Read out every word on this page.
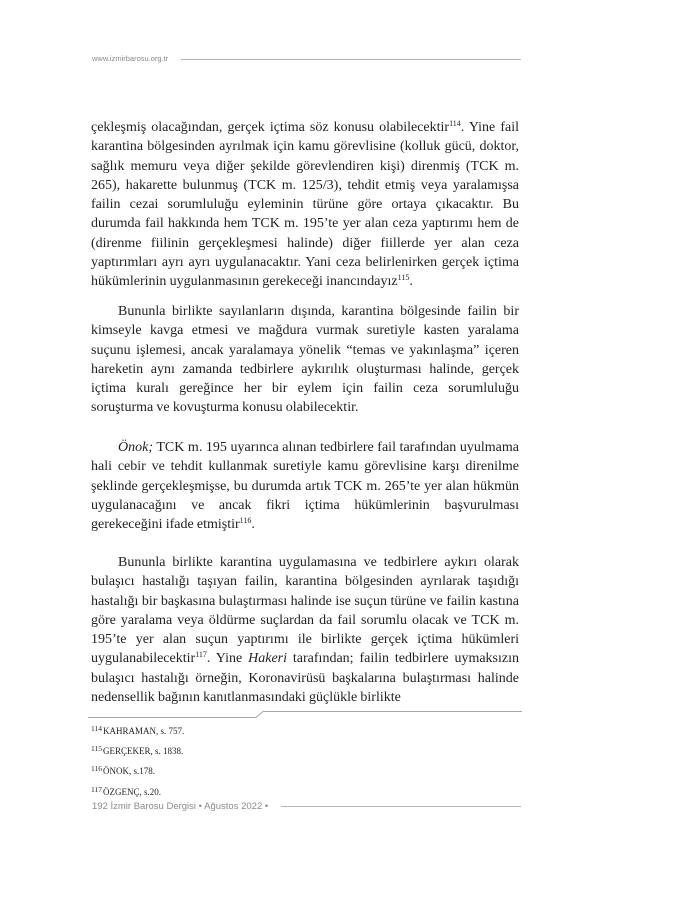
www.izmirbarosu.org.tr

çekleşmiş olacağından, gerçek içtima söz konusu olabilecektir$^{114}$. Yine fail karantina bölgesinden ayrılmak için kamu görevlisine (kolluk gücü, doktor, sağlık memuru veya diğer şekilde görevlendiren kişi) direnmiş (TCK m. 265), hakarette bulunmuş (TCK m. 125/3), tehdit etmiş veya yaralamışsa failin cezai sorumluluğu eyleminin türüne göre ortaya çıkacaktır. Bu durumda fail hakkında hem TCK m. 195’te yer alan ceza yaptırımı hem de (direnme fiilinin gerçekleşmesi halinde) diğer fiillerde yer alan ceza yaptırımları ayrı ayrı uygulanacaktır. Yani ceza belirlenirken gerçek içtima hükümlerinin uygulanmasının gerekeceği inancındayız$^{115}$.

Bununla birlikte sayılanların dışında, karantina bölgesinde failin bir kimseyle kavga etmesi ve mağdura vurmak suretiyle kasten yaralama suçunu işlemesi, ancak yaralamaya yönelik “temas ve yakınlaşma” içeren hareketin aynı zamanda tedbirlere aykırılık oluşturması halinde, gerçek içtima kuralı gereğince her bir eylem için failin ceza sorumluluğu soruşturma ve kovuşturma konusu olabilecektir.

Önok; TCK m. 195 uyarınca alınan tedbirlere fail tarafından uyulmama hali cebir ve tehdit kullanmak suretiyle kamu görevlisine karşı direnilme şeklinde gerçekleşmişse, bu durumda artık TCK m. 265’te yer alan hükmün uygulanacağını ve ancak fikri içtima hükümlerinin başvurulması gerekeceğini ifade etmiştir$^{116}$.

Bununla birlikte karantina uygulamasına ve tedbirlere aykırı olarak bulaşıcı hastalığı taşıyan failin, karantina bölgesinden ayrılarak taşıdığı hastalığı bir başkasına bulaştırması halinde ise suçun türüne ve failin kastına göre yaralama veya öldürme suçlardan da fail sorumlu olacak ve TCK m. 195’te yer alan suçun yaptırımı ile birlikte gerçek içtima hükümleri uygulanabilecektir$^{117}$. Yine Hakeri tarafından; failin tedbirlere uymaksızın bulaşıcı hastalığı örneğin, Koronavirüsü başkalarına bulaştırması halinde nedensellik bağının kanıtlanmasındaki güçlükle birlikte

$^{114}$KAHRAMAN, s. 757.
$^{115}$GERÇEKER, s. 1838.
$^{116}$ÖNOK, s.178.
$^{117}$ÖZGENÇ, s.20.
192 İzmir Barosu Dergisi • Ağustos 2022 •
